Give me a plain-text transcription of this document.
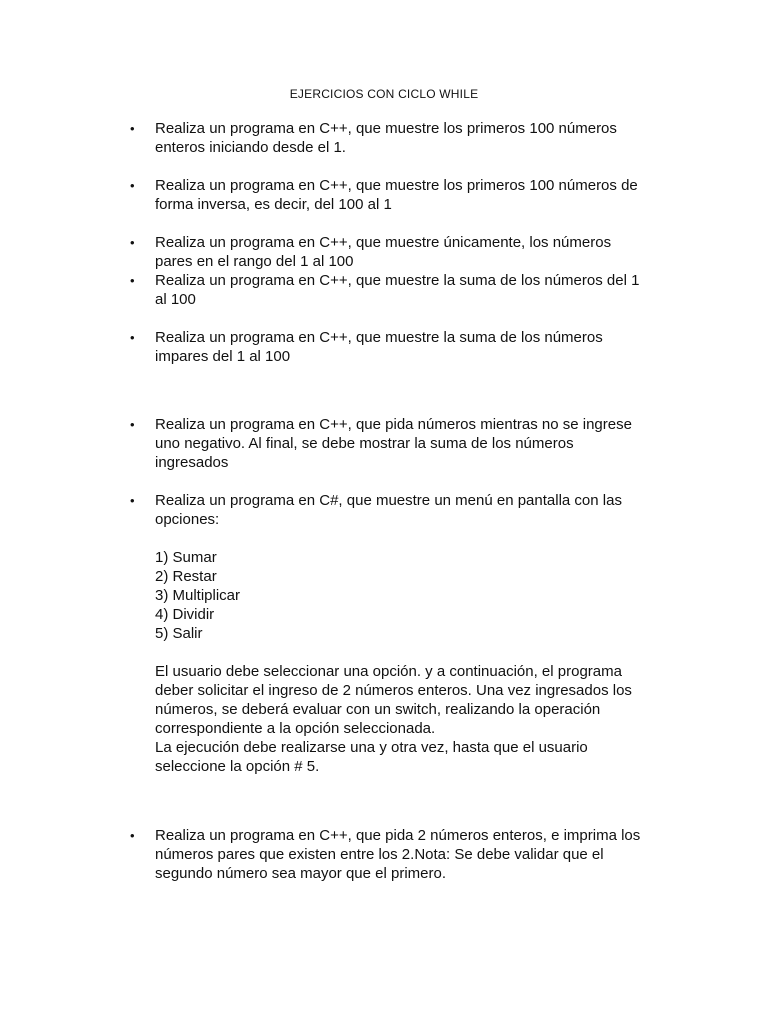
EJERCICIOS CON CICLO WHILE
• Realiza un programa en C++, que muestre los primeros 100 números
enteros iniciando desde el 1.
• Realiza un programa en C++, que muestre los primeros 100 números de
forma inversa, es decir, del 100 al 1
• Realiza un programa en C++, que muestre únicamente, los números
pares en el rango del 1 al 100
• Realiza un programa en C++, que muestre la suma de los números del 1
al 100
• Realiza un programa en C++, que muestre la suma de los números
impares del 1 al 100
• Realiza un programa en C++, que pida números mientras no se ingrese
uno negativo. Al final, se debe mostrar la suma de los números
ingresados
• Realiza un programa en C#, que muestre un menú en pantalla con las
opciones:
1) Sumar
2) Restar
3) Multiplicar
4) Dividir
5) Salir
El usuario debe seleccionar una opción. y a continuación, el programa
deber solicitar el ingreso de 2 números enteros. Una vez ingresados los
números, se deberá evaluar con un switch, realizando la operación
correspondiente a la opción seleccionada.
La ejecución debe realizarse una y otra vez, hasta que el usuario
seleccione la opción # 5.
• Realiza un programa en C++, que pida 2 números enteros, e imprima los
números pares que existen entre los 2.Nota: Se debe validar que el
segundo número sea mayor que el primero.
